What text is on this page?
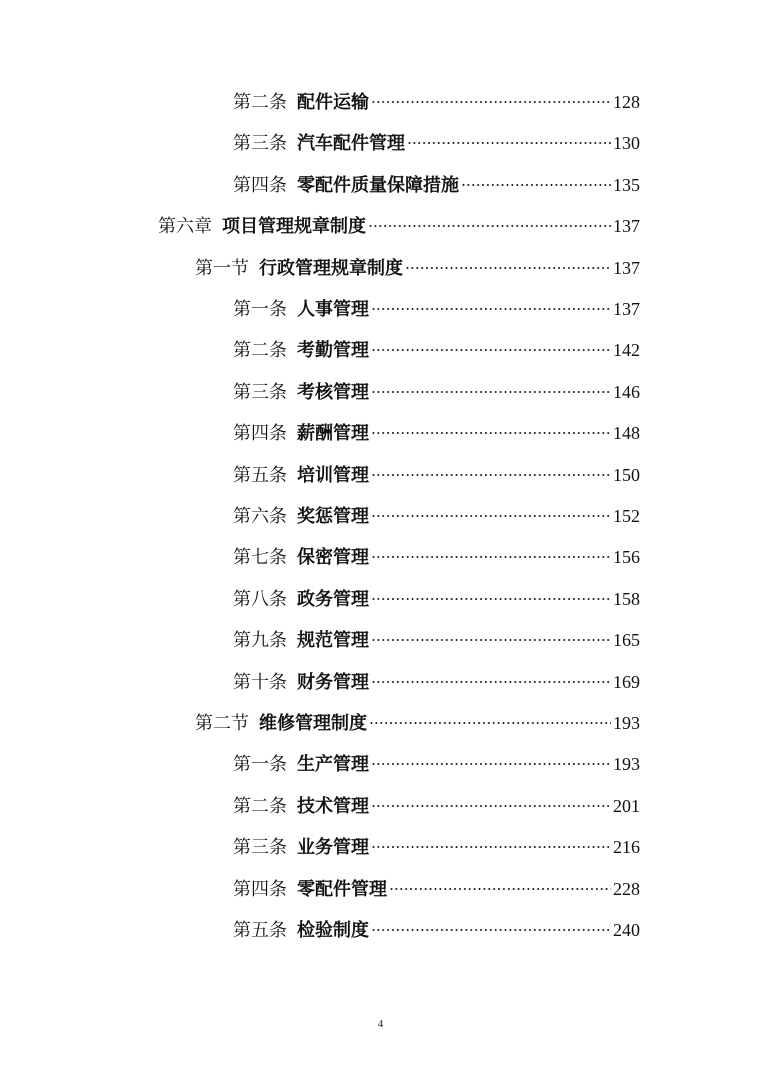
第二条 配件运输	128
第三条 汽车配件管理	130
第四条 零配件质量保障措施	135
第六章 项目管理规章制度	137
第一节 行政管理规章制度	137
第一条 人事管理	137
第二条 考勤管理	142
第三条 考核管理	146
第四条 薪酬管理	148
第五条 培训管理	150
第六条 奖惩管理	152
第七条 保密管理	156
第八条 政务管理	158
第九条 规范管理	165
第十条 财务管理	169
第二节 维修管理制度	193
第一条 生产管理	193
第二条 技术管理	201
第三条 业务管理	216
第四条 零配件管理	228
第五条 检验制度	240
4
